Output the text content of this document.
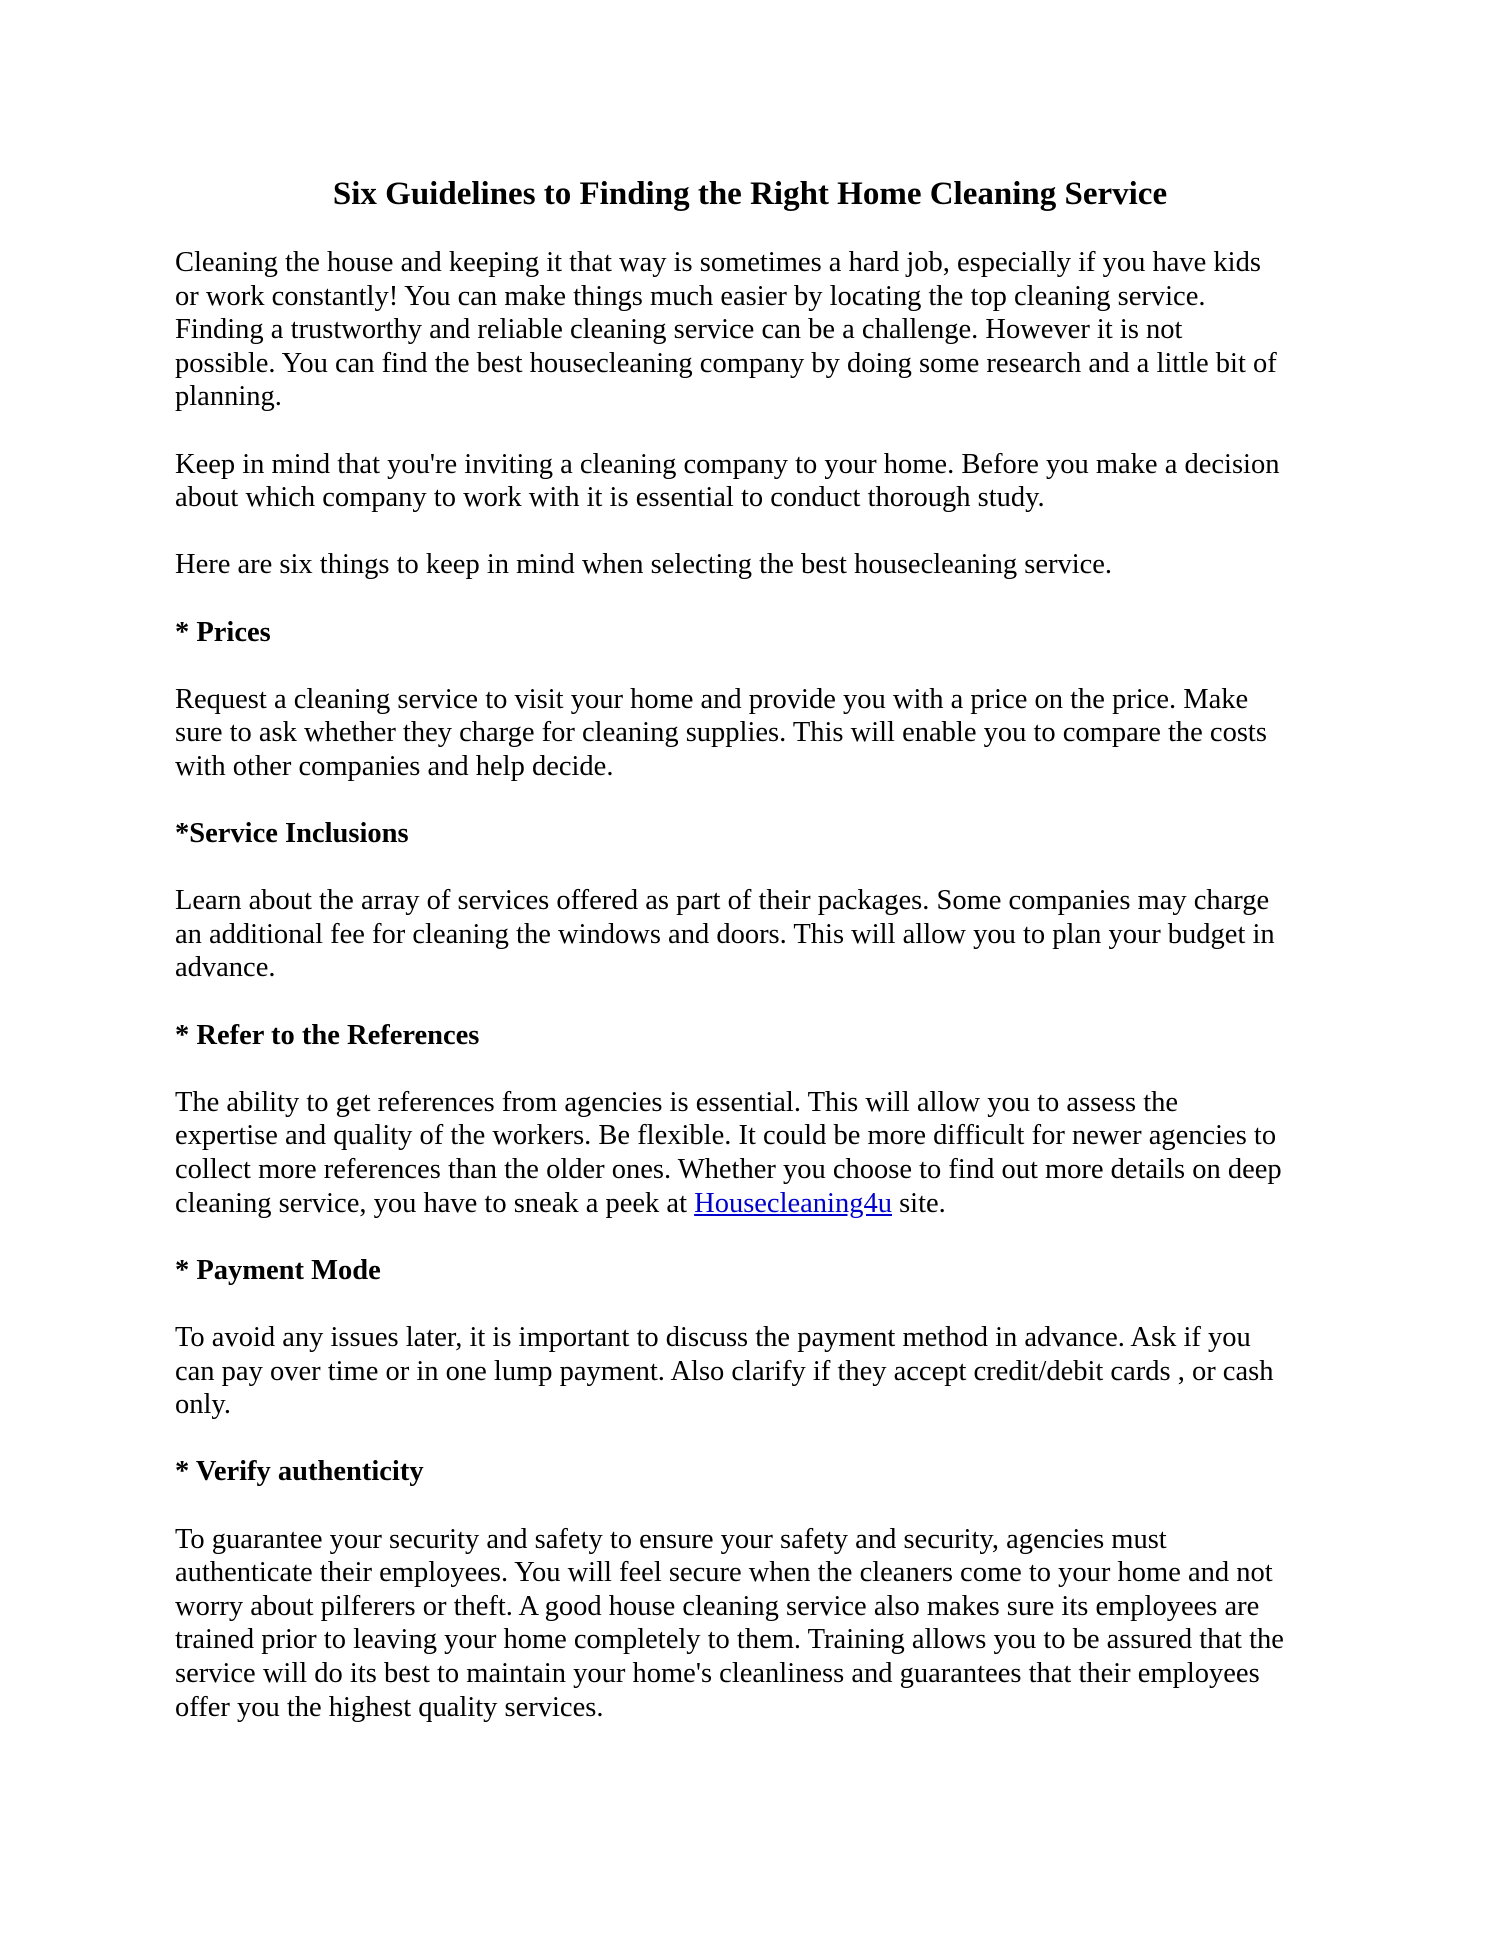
Six Guidelines to Finding the Right Home Cleaning Service

Cleaning the house and keeping it that way is sometimes a hard job, especially if you have kids
or work constantly! You can make things much easier by locating the top cleaning service.
Finding a trustworthy and reliable cleaning service can be a challenge. However it is not
possible. You can find the best housecleaning company by doing some research and a little bit of
planning.

Keep in mind that you're inviting a cleaning company to your home. Before you make a decision
about which company to work with it is essential to conduct thorough study.

Here are six things to keep in mind when selecting the best housecleaning service.

* Prices

Request a cleaning service to visit your home and provide you with a price on the price. Make
sure to ask whether they charge for cleaning supplies. This will enable you to compare the costs
with other companies and help decide.

*Service Inclusions

Learn about the array of services offered as part of their packages. Some companies may charge
an additional fee for cleaning the windows and doors. This will allow you to plan your budget in
advance.

* Refer to the References

The ability to get references from agencies is essential. This will allow you to assess the
expertise and quality of the workers. Be flexible. It could be more difficult for newer agencies to
collect more references than the older ones. Whether you choose to find out more details on deep
cleaning service, you have to sneak a peek at Housecleaning4u site.

* Payment Mode

To avoid any issues later, it is important to discuss the payment method in advance. Ask if you
can pay over time or in one lump payment. Also clarify if they accept credit/debit cards , or cash
only.

* Verify authenticity

To guarantee your security and safety to ensure your safety and security, agencies must
authenticate their employees. You will feel secure when the cleaners come to your home and not
worry about pilferers or theft. A good house cleaning service also makes sure its employees are
trained prior to leaving your home completely to them. Training allows you to be assured that the
service will do its best to maintain your home's cleanliness and guarantees that their employees
offer you the highest quality services.
